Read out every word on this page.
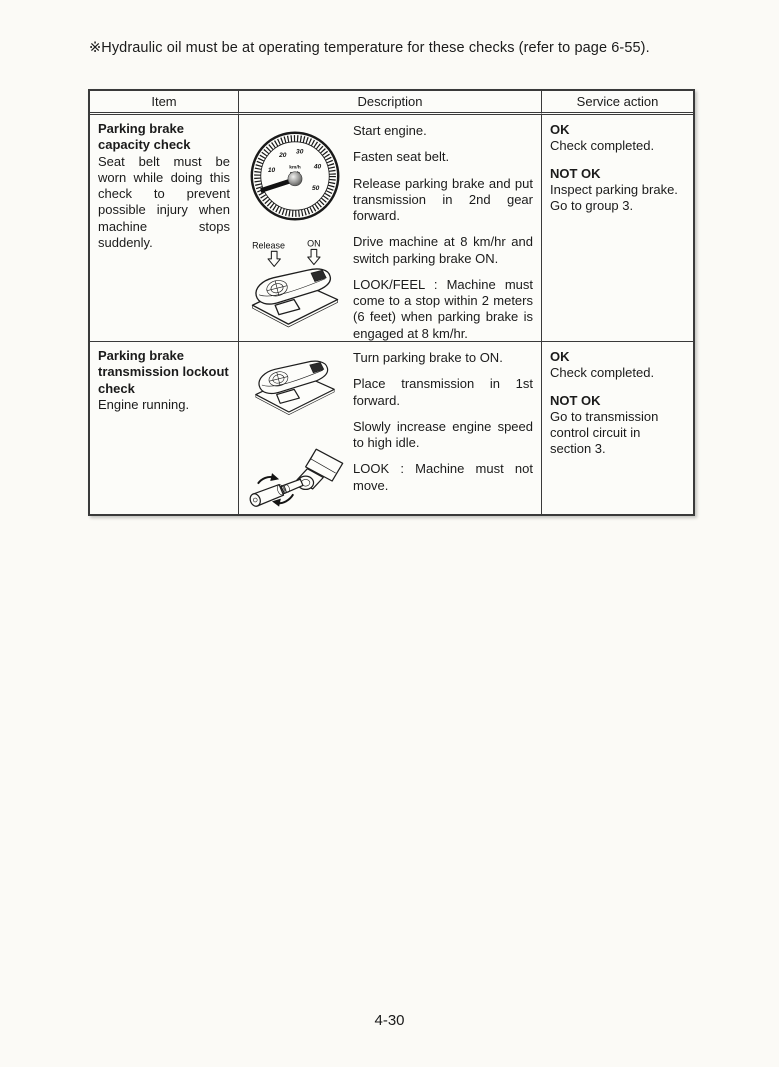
※Hydraulic oil must be at operating temperature for these checks (refer to page 6-55).

Item	Description	Service action
Parking brake capacity check
Seat belt must be worn while doing this check to prevent possible injury when machine stops suddenly.
10
20
30
40
50
km/h
Release ON

Start engine.

Fasten seat belt.

Release parking brake and put transmission in 2nd gear forward.

Drive machine at 8 km/hr and switch parking brake ON.

LOOK/FEEL : Machine must come to a stop within 2 meters (6 feet) when parking brake is engaged at 8 km/hr.

OK
Check completed.
NOT OK
Inspect parking brake. Go to group 3.
Parking brake transmission lockout check
Engine running.

Turn parking brake to ON.

Place transmission in 1st forward.

Slowly increase engine speed to high idle.

LOOK : Machine must not move.

OK
Check completed.
NOT OK
Go to transmission control circuit in section 3.

4-30
